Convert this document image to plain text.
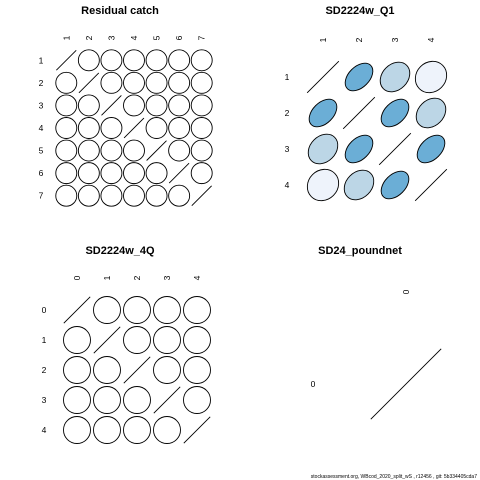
Residual catch
1
1
2
2
3
3
4
4
5
5
6
6
7
7
SD2224w_Q1
1
1
2
2
3
3
4
4
SD2224w_4Q
0
0
1
1
2
2
3
3
4
4
SD24_poundnet
0
0
stockassessment.org, WBcod_2020_split_wS , r12456 , git: 5b334405cda7
